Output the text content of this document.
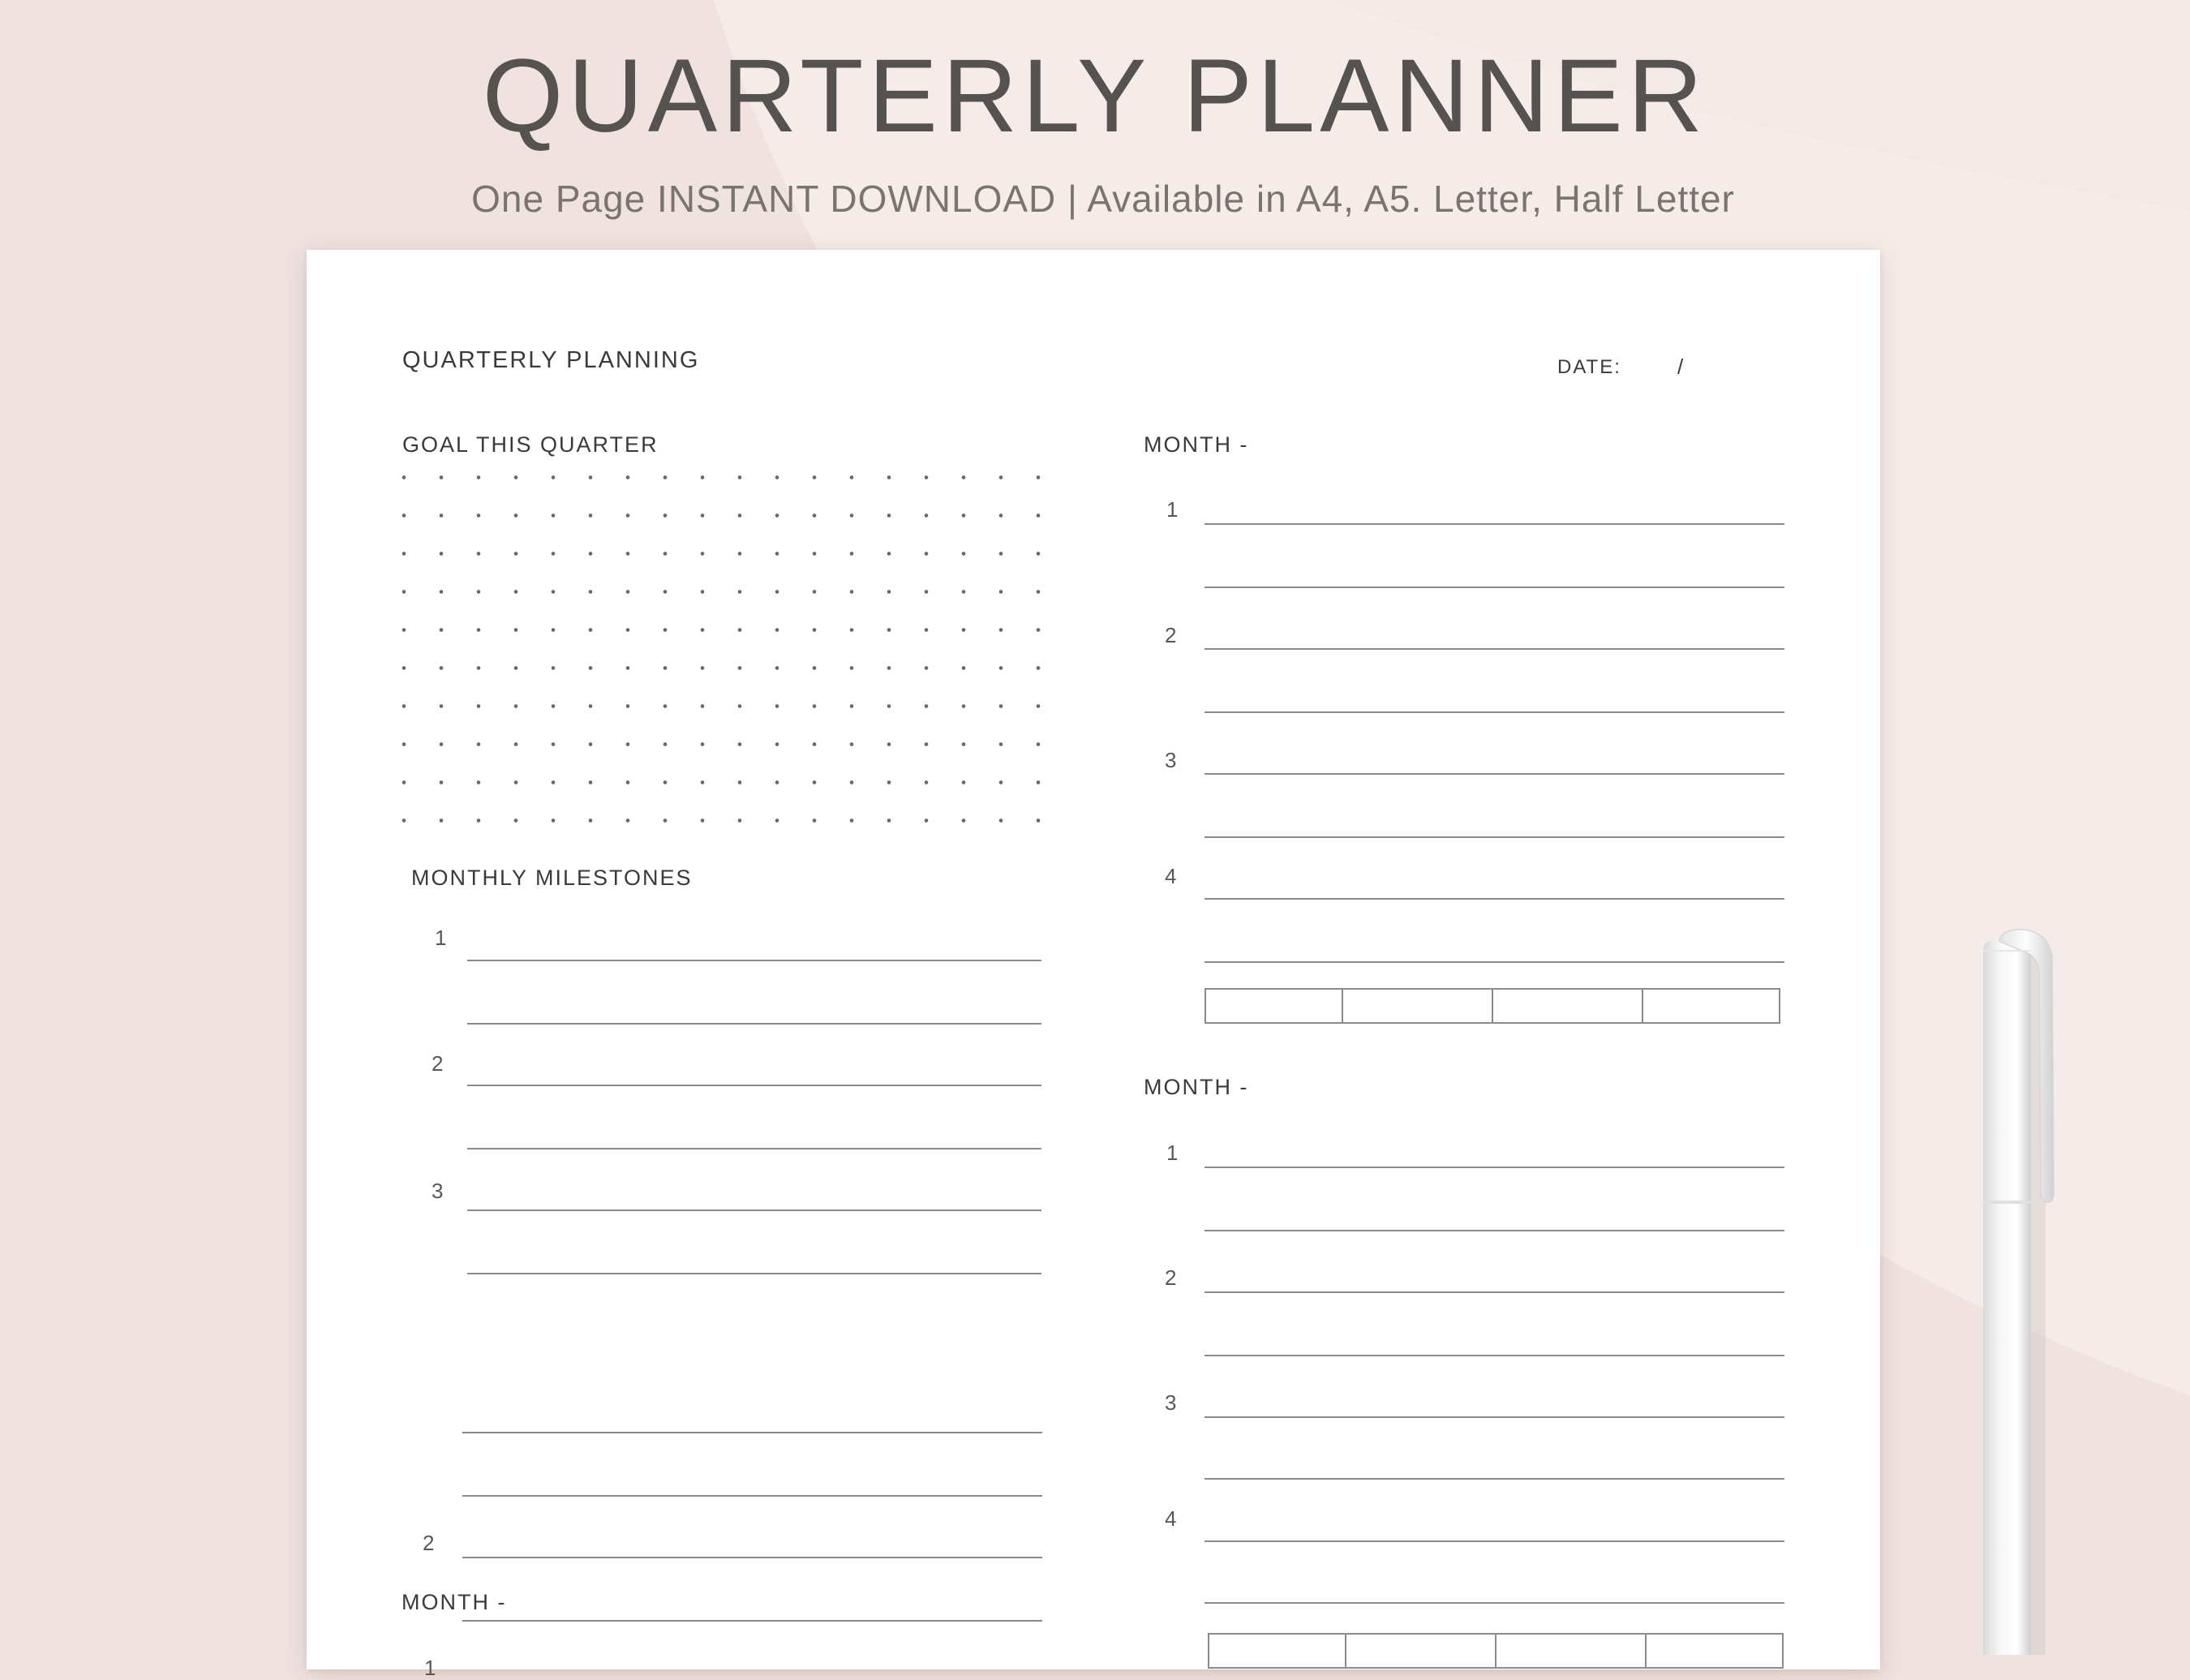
QUARTERLY PLANNER
One Page INSTANT DOWNLOAD | Available in A4, A5. Letter, Half Letter
QUARTERLY PLANNING	DATE:	/
GOAL THIS QUARTER
MONTHLY MILESTONES
1
2
3
MONTH -
1
MONTH -
1
2
3
4
MONTH -
1
2
3
4
2
